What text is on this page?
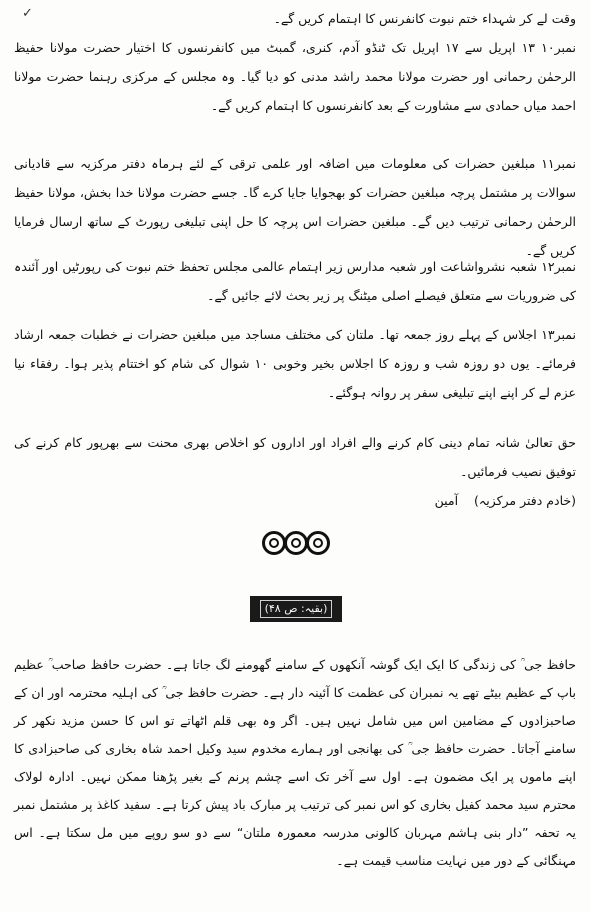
✓	وقت لے کر شہداء ختم نبوت کانفرنس کا اہتمام کریں گے۔
نمبر۱۰ ۱۳ اپریل سے ۱۷ اپریل تک ٹنڈو آدم، کنری، گمبٹ میں کانفرنسوں کا اختیار حضرت مولانا حفیظ الرحمٰن رحمانی اور حضرت مولانا محمد راشد مدنی کو دیا گیا۔ وہ مجلس کے مرکزی رہنما حضرت مولانا احمد میاں حمادی سے مشاورت کے بعد کانفرنسوں کا اہتمام کریں گے۔
نمبر۱۱ مبلغین حضرات کی معلومات میں اضافہ اور علمی ترقی کے لئے ہرماہ دفتر مرکزیہ سے قادیانی سوالات پر مشتمل پرچہ مبلغین حضرات کو بھجوایا جایا کرے گا۔ جسے حضرت مولانا خدا بخش، مولانا حفیظ الرحمٰن رحمانی ترتیب دیں گے۔ مبلغین حضرات اس پرچہ کا حل اپنی تبلیغی رپورٹ کے ساتھ ارسال فرمایا کریں گے۔
نمبر۱۲ شعبہ نشرواشاعت اور شعبہ مدارس زیر اہتمام عالمی مجلس تحفظ ختم نبوت کی رپورٹیں اور آئندہ کی ضروریات سے متعلق فیصلے اصلی میٹنگ پر زیر بحث لائے جائیں گے۔
نمبر۱۳ اجلاس کے پہلے روز جمعہ تھا۔ ملتان کی مختلف مساجد میں مبلغین حضرات نے خطبات جمعہ ارشاد فرمائے۔ یوں دو روزہ شب و روزہ کا اجلاس بخیر وخوبی ۱۰ شوال کی شام کو اختتام پذیر ہوا۔ رفقاء نیا عزم لے کر اپنے اپنے تبلیغی سفر پر روانہ ہوگئے۔
حق تعالیٰ شانہ تمام دینی کام کرنے والے افراد اور اداروں کو اخلاص بھری محنت سے بھرپور کام کرنے کی توفیق نصیب فرمائیں۔
(خادم دفتر مرکزیہ)    آمین
(بقیہ: ص ۴۸)
حافظ جی ؒ کی زندگی کا ایک ایک گوشہ آنکھوں کے سامنے گھومنے لگ جاتا ہے۔ حضرت حافظ صاحب ؒ عظیم باپ کے عظیم بیٹے تھے یہ نمبران کی عظمت کا آئینہ دار ہے۔ حضرت حافظ جی ؒ کی اہلیہ محترمہ اور ان کے صاحبزادوں کے مضامین اس میں شامل نہیں ہیں۔ اگر وہ بھی قلم اٹھاتے تو اس کا حسن مزید نکھر کر سامنے آجاتا۔ حضرت حافظ جی ؒ کی بھانجی اور ہمارے مخدوم سید وکیل احمد شاہ بخاری کی صاحبزادی کا اپنے ماموں پر ایک مضمون ہے۔ اول سے آخر تک اسے چشم پرنم کے بغیر پڑھنا ممکن نہیں۔ ادارہ لولاک محترم سید محمد کفیل بخاری کو اس نمبر کی ترتیب پر مبارک باد پیش کرتا ہے۔ سفید کاغذ پر مشتمل نمبر یہ تحفہ ”دار بنی ہاشم مہربان کالونی مدرسہ معمورہ ملتان“ سے دو سو روپے میں مل سکتا ہے۔ اس مہنگائی کے دور میں نہایت مناسب قیمت ہے۔
